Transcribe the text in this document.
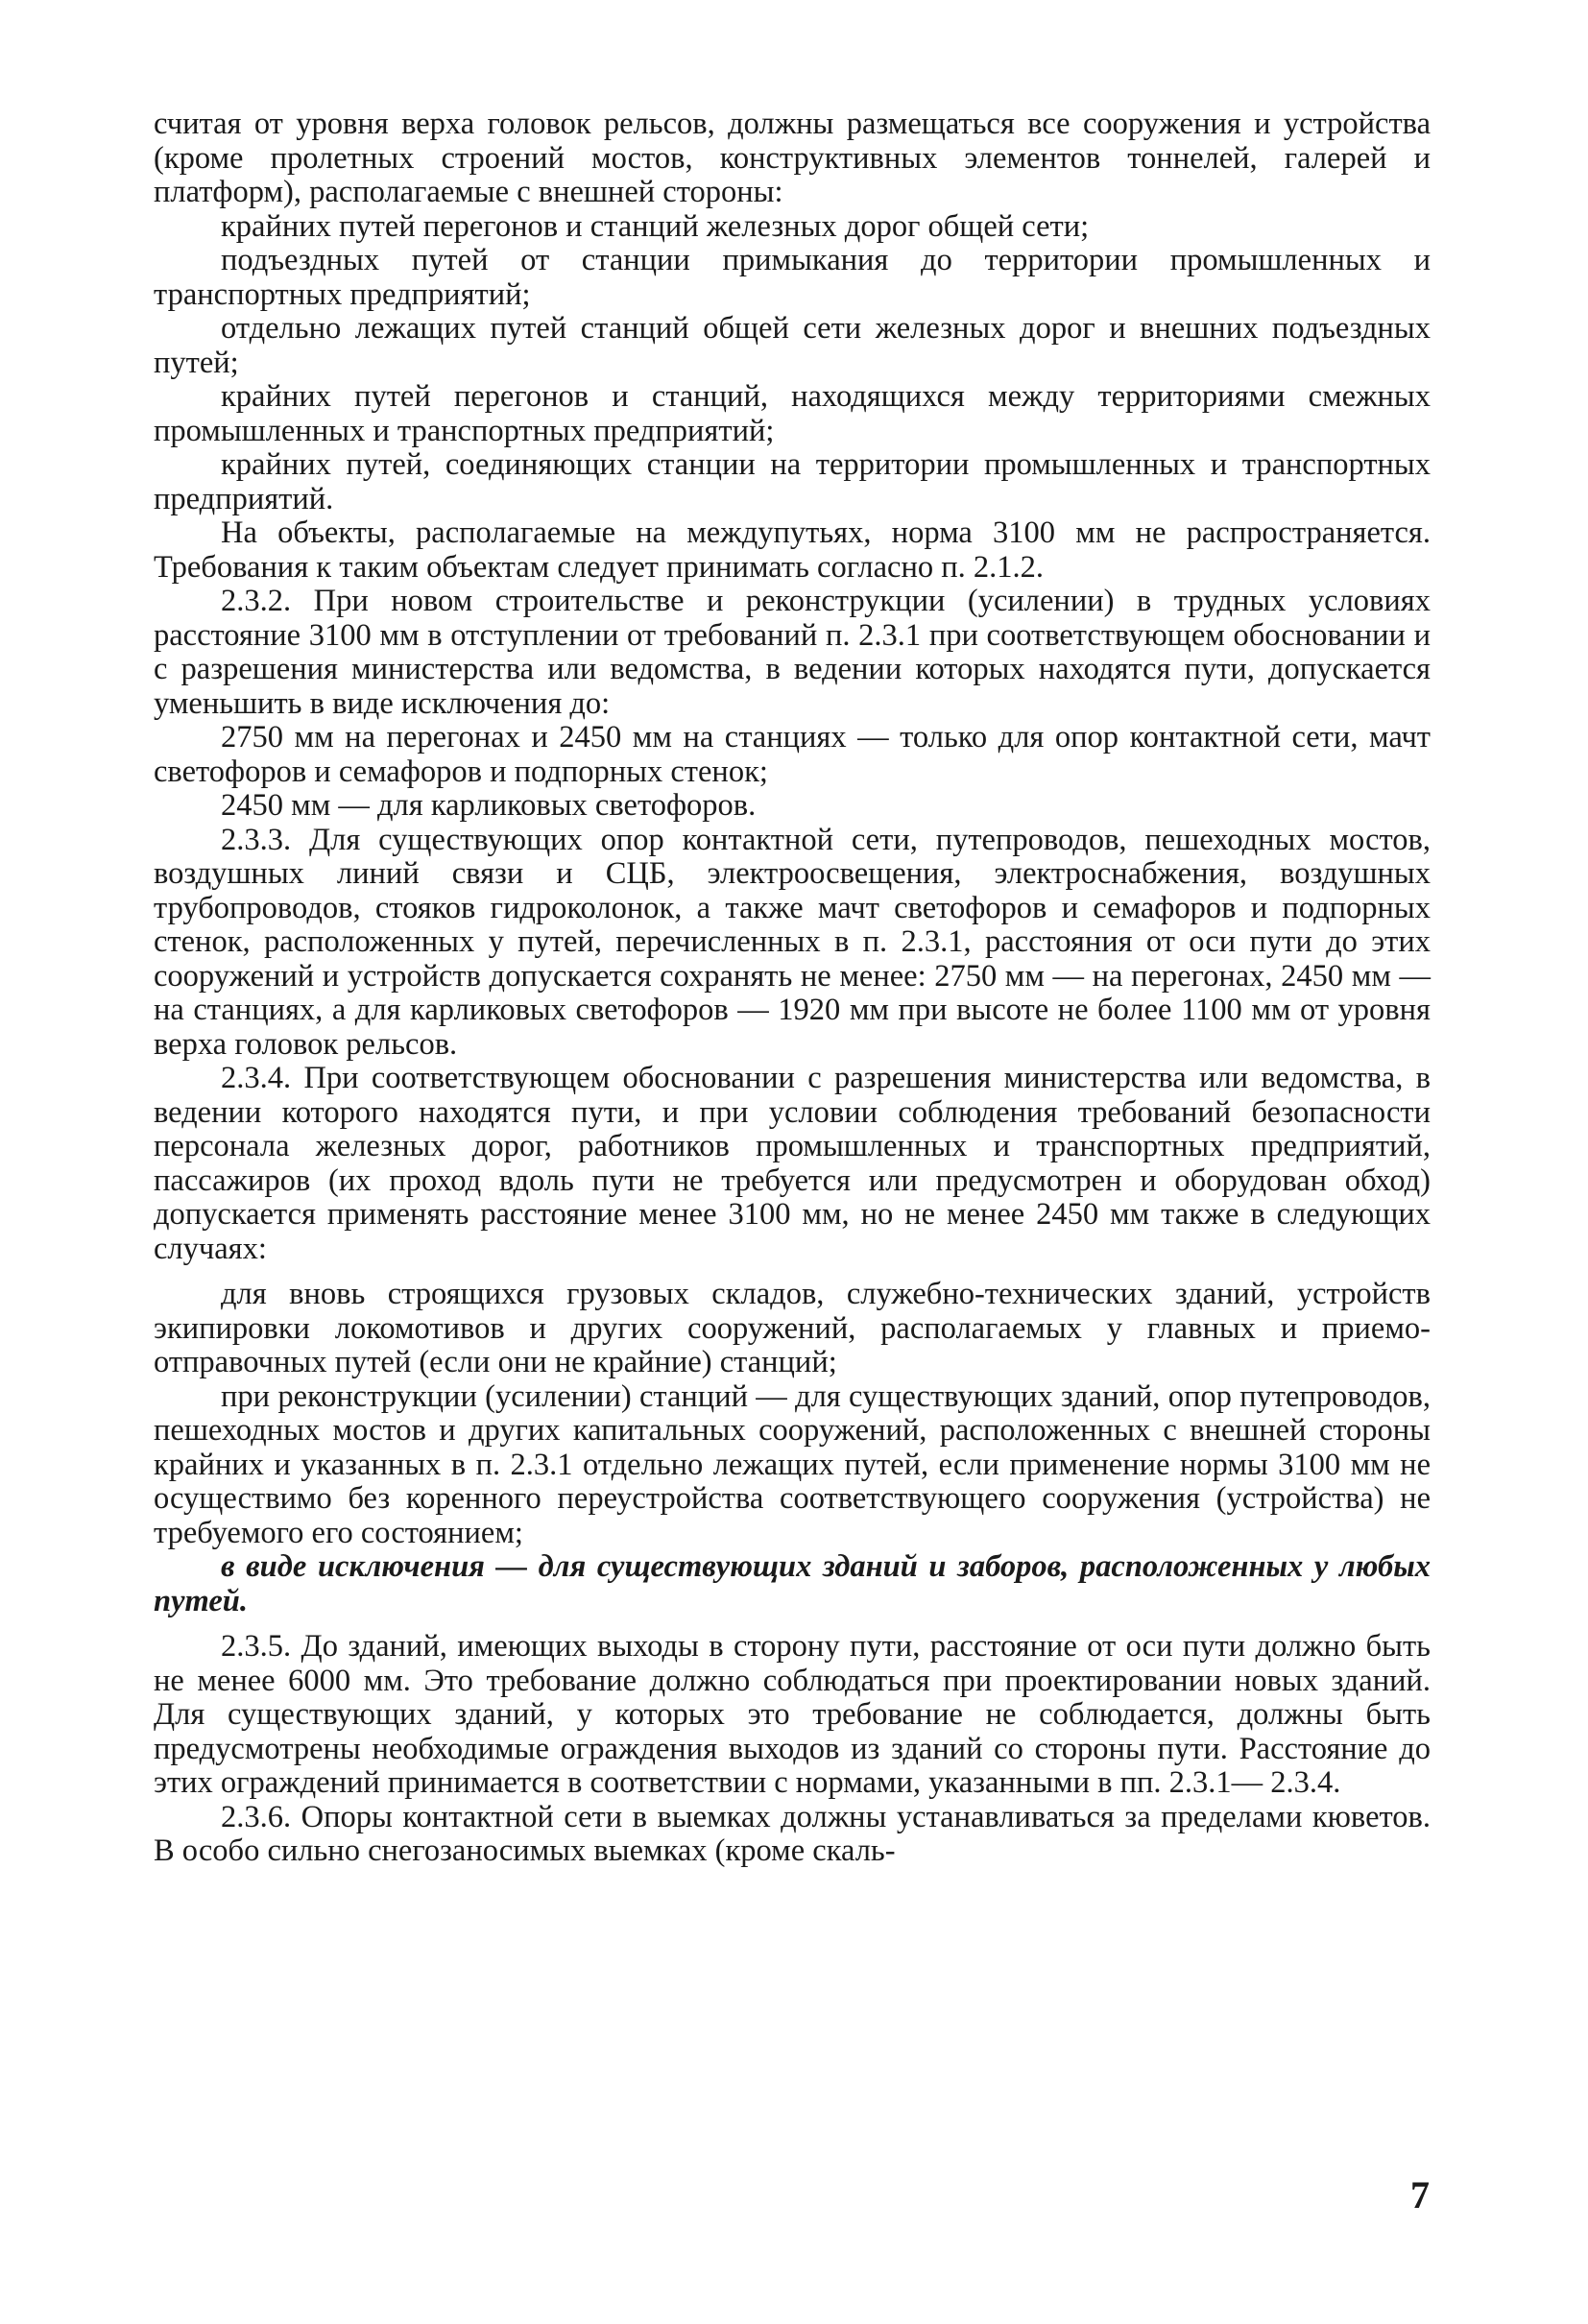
считая от уровня верха головок рельсов, должны размещаться все сооружения и устройства (кроме пролетных строений мостов, конструктивных элементов тоннелей, галерей и платформ), располагаемые с внешней стороны:

крайних путей перегонов и станций железных дорог общей сети;

подъездных путей от станции примыкания до территории промышленных и транспортных предприятий;

отдельно лежащих путей станций общей сети железных дорог и внешних подъездных путей;

крайних путей перегонов и станций, находящихся между территориями смежных промышленных и транспортных предприятий;

крайних путей, соединяющих станции на территории промышленных и транспортных предприятий.

На объекты, располагаемые на междупутьях, норма 3100 мм не распространяется. Требования к таким объектам следует принимать согласно п. 2.1.2.

2.3.2. При новом строительстве и реконструкции (усилении) в трудных условиях расстояние 3100 мм в отступлении от требований п. 2.3.1 при соответствующем обосновании и с разрешения министерства или ведомства, в ведении которых находятся пути, допускается уменьшить в виде исключения до:

2750 мм на перегонах и 2450 мм на станциях — только для опор контактной сети, мачт светофоров и семафоров и подпорных стенок;

2450 мм — для карликовых светофоров.

2.3.3. Для существующих опор контактной сети, путепроводов, пешеходных мостов, воздушных линий связи и СЦБ, электроосвещения, электроснабжения, воздушных трубопроводов, стояков гидроколонок, а также мачт светофоров и семафоров и подпорных стенок, расположенных у путей, перечисленных в п. 2.3.1, расстояния от оси пути до этих сооружений и устройств допускается сохранять не менее: 2750 мм — на перегонах, 2450 мм — на станциях, а для карликовых светофоров — 1920 мм при высоте не более 1100 мм от уровня верха головок рельсов.

2.3.4. При соответствующем обосновании с разрешения министерства или ведомства, в ведении которого находятся пути, и при условии соблюдения требований безопасности персонала железных дорог, работников промышленных и транспортных предприятий, пассажиров (их проход вдоль пути не требуется или предусмотрен и оборудован обход) допускается применять расстояние менее 3100 мм, но не менее 2450 мм также в следующих случаях:

для вновь строящихся грузовых складов, служебно-технических зданий, устройств экипировки локомотивов и других сооружений, располагаемых у главных и приемо-отправочных путей (если они не крайние) станций;

при реконструкции (усилении) станций — для существующих зданий, опор путепроводов, пешеходных мостов и других капитальных сооружений, расположенных с внешней стороны крайних и указанных в п. 2.3.1 отдельно лежащих путей, если применение нормы 3100 мм не осуществимо без коренного переустройства соответствующего сооружения (устройства) не требуемого его состоянием;

в виде исключения — для существующих зданий и заборов, расположенных у любых путей.

2.3.5. До зданий, имеющих выходы в сторону пути, расстояние от оси пути должно быть не менее 6000 мм. Это требование должно соблюдаться при проектировании новых зданий. Для существующих зданий, у которых это требование не соблюдается, должны быть предусмотрены необходимые ограждения выходов из зданий со стороны пути. Расстояние до этих ограждений принимается в соответствии с нормами, указанными в пп. 2.3.1— 2.3.4.

2.3.6. Опоры контактной сети в выемках должны устанавливаться за пределами кюветов. В особо сильно снегозаносимых выемках (кроме скаль-

7
